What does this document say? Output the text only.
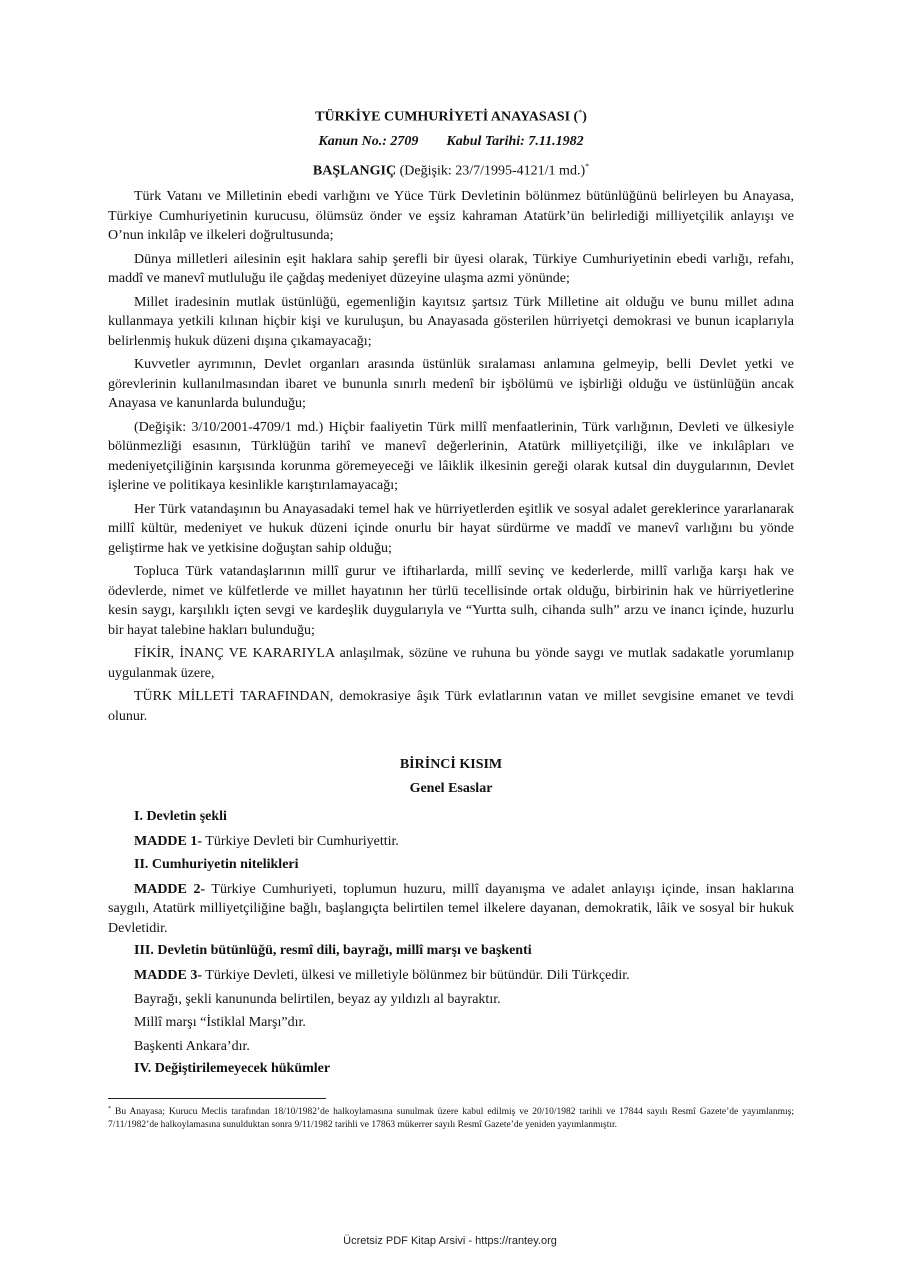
TÜRKİYE CUMHURİYETİ ANAYASASI (*)
Kanun No.: 2709 Kabul Tarihi: 7.11.1982
BAŞLANGIÇ (Değişik: 23/7/1995-4121/1 md.)*

Türk Vatanı ve Milletinin ebedi varlığını ve Yüce Türk Devletinin bölünmez bütünlüğünü belirleyen bu Anayasa, Türkiye Cumhuriyetinin kurucusu, ölümsüz önder ve eşsiz kahraman Atatürk’ün belirlediği milliyetçilik anlayışı ve O’nun inkılâp ve ilkeleri doğrultusunda;

Dünya milletleri ailesinin eşit haklara sahip şerefli bir üyesi olarak, Türkiye Cumhuriyetinin ebedi varlığı, refahı, maddî ve manevî mutluluğu ile çağdaş medeniyet düzeyine ulaşma azmi yönünde;

Millet iradesinin mutlak üstünlüğü, egemenliğin kayıtsız şartsız Türk Milletine ait olduğu ve bunu millet adına kullanmaya yetkili kılınan hiçbir kişi ve kuruluşun, bu Anayasada gösterilen hürriyetçi demokrasi ve bunun icaplarıyla belirlenmiş hukuk düzeni dışına çıkamayacağı;

Kuvvetler ayrımının, Devlet organları arasında üstünlük sıralaması anlamına gelmeyip, belli Devlet yetki ve görevlerinin kullanılmasından ibaret ve bununla sınırlı medenî bir işbölümü ve işbirliği olduğu ve üstünlüğün ancak Anayasa ve kanunlarda bulunduğu;

(Değişik: 3/10/2001-4709/1 md.) Hiçbir faaliyetin Türk millî menfaatlerinin, Türk varlığının, Devleti ve ülkesiyle bölünmezliği esasının, Türklüğün tarihî ve manevî değerlerinin, Atatürk milliyetçiliği, ilke ve inkılâpları ve medeniyetçiliğinin karşısında korunma göremeyeceği ve lâiklik ilkesinin gereği olarak kutsal din duygularının, Devlet işlerine ve politikaya kesinlikle karıştırılamayacağı;

Her Türk vatandaşının bu Anayasadaki temel hak ve hürriyetlerden eşitlik ve sosyal adalet gereklerince yararlanarak millî kültür, medeniyet ve hukuk düzeni içinde onurlu bir hayat sürdürme ve maddî ve manevî varlığını bu yönde geliştirme hak ve yetkisine doğuştan sahip olduğu;

Topluca Türk vatandaşlarının millî gurur ve iftiharlarda, millî sevinç ve kederlerde, millî varlığa karşı hak ve ödevlerde, nimet ve külfetlerde ve millet hayatının her türlü tecellisinde ortak olduğu, birbirinin hak ve hürriyetlerine kesin saygı, karşılıklı içten sevgi ve kardeşlik duygularıyla ve “Yurtta sulh, cihanda sulh” arzu ve inancı içinde, huzurlu bir hayat talebine hakları bulunduğu;

FİKİR, İNANÇ VE KARARIYLA anlaşılmak, sözüne ve ruhuna bu yönde saygı ve mutlak sadakatle yorumlanıp uygulanmak üzere,

TÜRK MİLLETİ TARAFINDAN, demokrasiye âşık Türk evlatlarının vatan ve millet sevgisine emanet ve tevdi olunur.

BİRİNCİ KISIM
Genel Esaslar
I. Devletin şekli

MADDE 1- Türkiye Devleti bir Cumhuriyettir.

II. Cumhuriyetin nitelikleri

MADDE 2- Türkiye Cumhuriyeti, toplumun huzuru, millî dayanışma ve adalet anlayışı içinde, insan haklarına saygılı, Atatürk milliyetçiliğine bağlı, başlangıçta belirtilen temel ilkelere dayanan, demokratik, lâik ve sosyal bir hukuk Devletidir.

III. Devletin bütünlüğü, resmî dili, bayrağı, millî marşı ve başkenti

MADDE 3- Türkiye Devleti, ülkesi ve milletiyle bölünmez bir bütündür. Dili Türkçedir.

Bayrağı, şekli kanununda belirtilen, beyaz ay yıldızlı al bayraktır.

Millî marşı “İstiklal Marşı”dır.

Başkenti Ankara’dır.

IV. Değiştirilemeyecek hükümler
* Bu Anayasa; Kurucu Meclis tarafından 18/10/1982’de halkoylamasına sunulmak üzere kabul edilmiş ve 20/10/1982 tarihli ve 17844 sayılı Resmî Gazete’de yayımlanmış; 7/11/1982’de halkoylamasına sunulduktan sonra 9/11/1982 tarihli ve 17863 mükerrer sayılı Resmî Gazete’de yeniden yayımlanmıştır.
Ücretsiz PDF Kitap Arsivi - https://rantey.org
